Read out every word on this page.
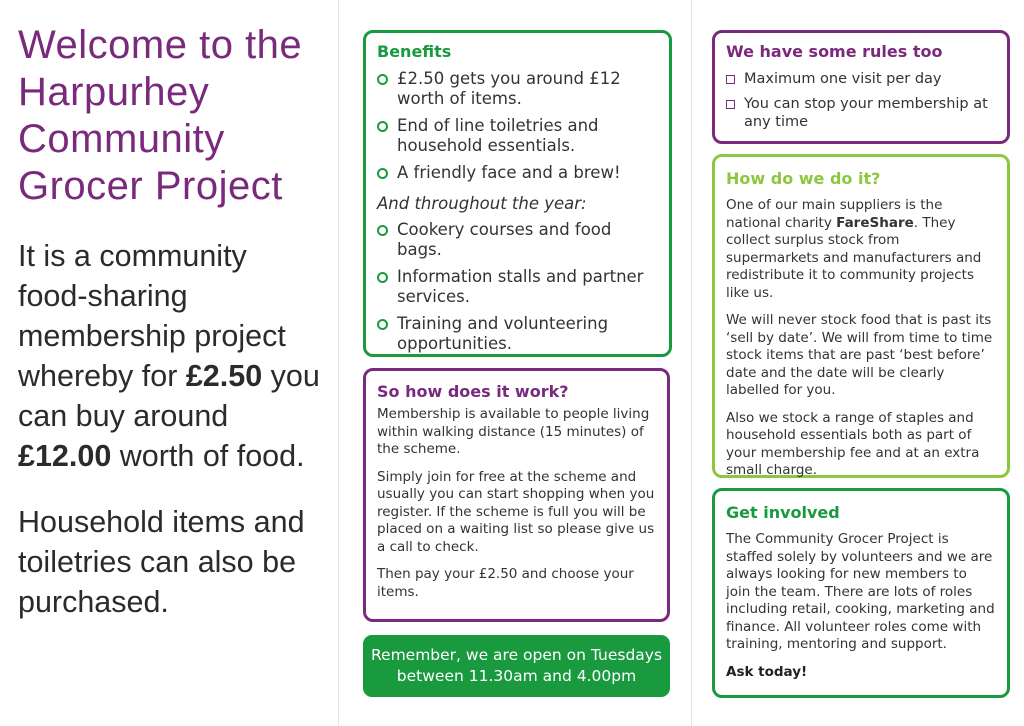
Welcome to the Harpurhey Community Grocer Project

It is a community food-sharing membership project whereby for £2.50 you can buy around £12.00 worth of food.

Household items and toiletries can also be purchased.

Benefits
£2.50 gets you around £12 worth of items.
End of line toiletries and household essentials.
A friendly face and a brew!
And throughout the year:
Cookery courses and food bags.
Information stalls and partner services.
Training and volunteering opportunities.
So how does it work?

Membership is available to people living within walking distance (15 minutes) of the scheme.

Simply join for free at the scheme and usually you can start shopping when you register. If the scheme is full you will be placed on a waiting list so please give us a call to check.

Then pay your £2.50 and choose your items.

Remember, we are open on Tuesdays
between 11.30am and 4.00pm
We have some rules too
Maximum one visit per day
You can stop your membership at any time
How do we do it?

One of our main suppliers is the national charity FareShare. They collect surplus stock from supermarkets and manufacturers and redistribute it to community projects like us.

We will never stock food that is past its ‘sell by date’. We will from time to time stock items that are past ‘best before’ date and the date will be clearly labelled for you.

Also we stock a range of staples and household essentials both as part of your membership fee and at an extra small charge.

Get involved

The Community Grocer Project is staffed solely by volunteers and we are always looking for new members to join the team. There are lots of roles including retail, cooking, marketing and finance. All volunteer roles come with training, mentoring and support.

Ask today!
